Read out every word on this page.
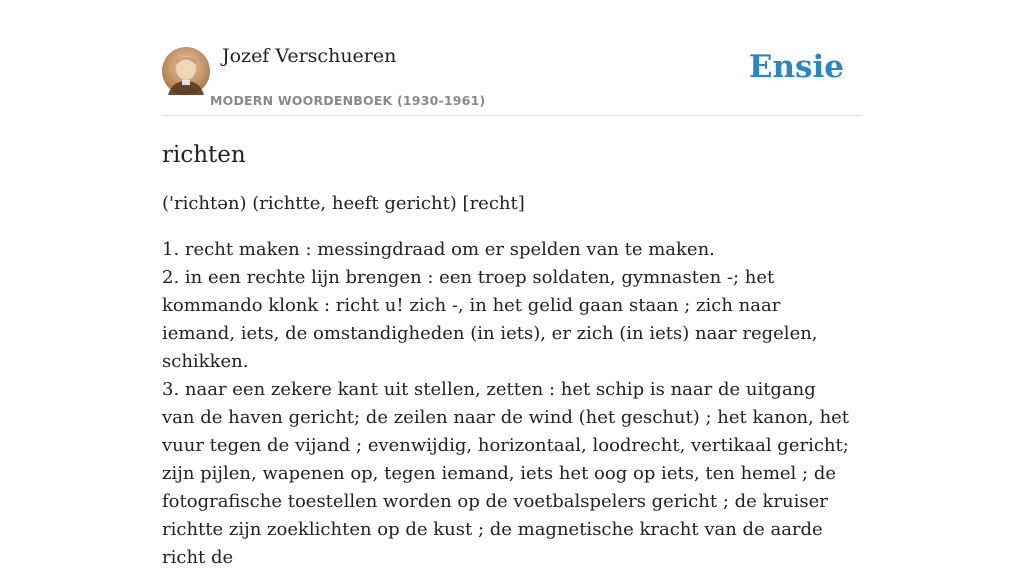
Jozef Verschueren
MODERN WOORDENBOEK (1930-1961)
Ensie
richten

('richtən) (richtte, heeft gericht) [recht]

1. recht maken : messingdraad om er spelden van te maken.

2. in een rechte lijn brengen : een troep soldaten, gymnasten -; het kommando klonk : richt u! zich -, in het gelid gaan staan ; zich naar iemand, iets, de omstandigheden (in iets), er zich (in iets) naar regelen, schikken.

3. naar een zekere kant uit stellen, zetten : het schip is naar de uitgang van de haven gericht; de zeilen naar de wind (het geschut) ; het kanon, het vuur tegen de vijand ; evenwijdig, horizontaal, loodrecht, vertikaal gericht; zijn pijlen, wapenen op, tegen iemand, iets het oog op iets, ten hemel ; de fotografische toestellen worden op de voetbalspelers gericht ; de kruiser richtte zijn zoeklichten op de kust ; de magnetische kracht van de aarde richt de
